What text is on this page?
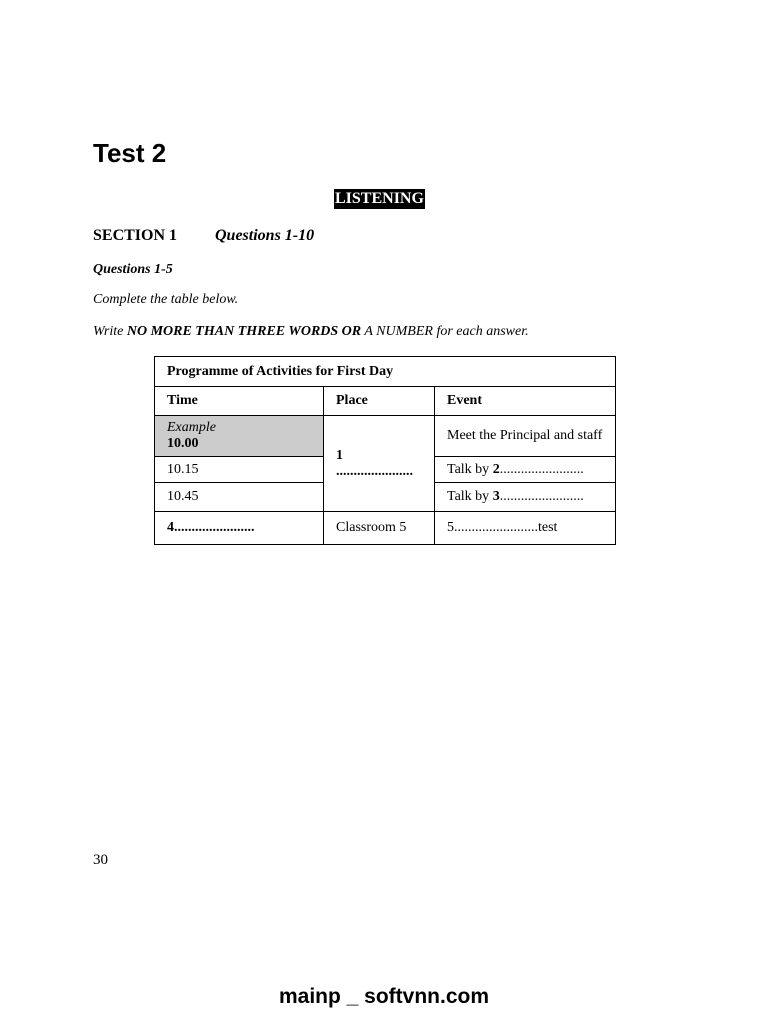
Test 2
LISTENING
SECTION 1 Questions 1-10
Questions 1-5
Complete the table below.
Write NO MORE THAN THREE WORDS OR A NUMBER for each answer.
Programme of Activities for First Day		
Time	Place	Event

Example
10.00	1 ......................	Meet the Principal and staff
10.15		Talk by 2........................
10.45		Talk by 3........................
4.......................	Classroom 5	5........................test
30
mainp _ softvnn.com
